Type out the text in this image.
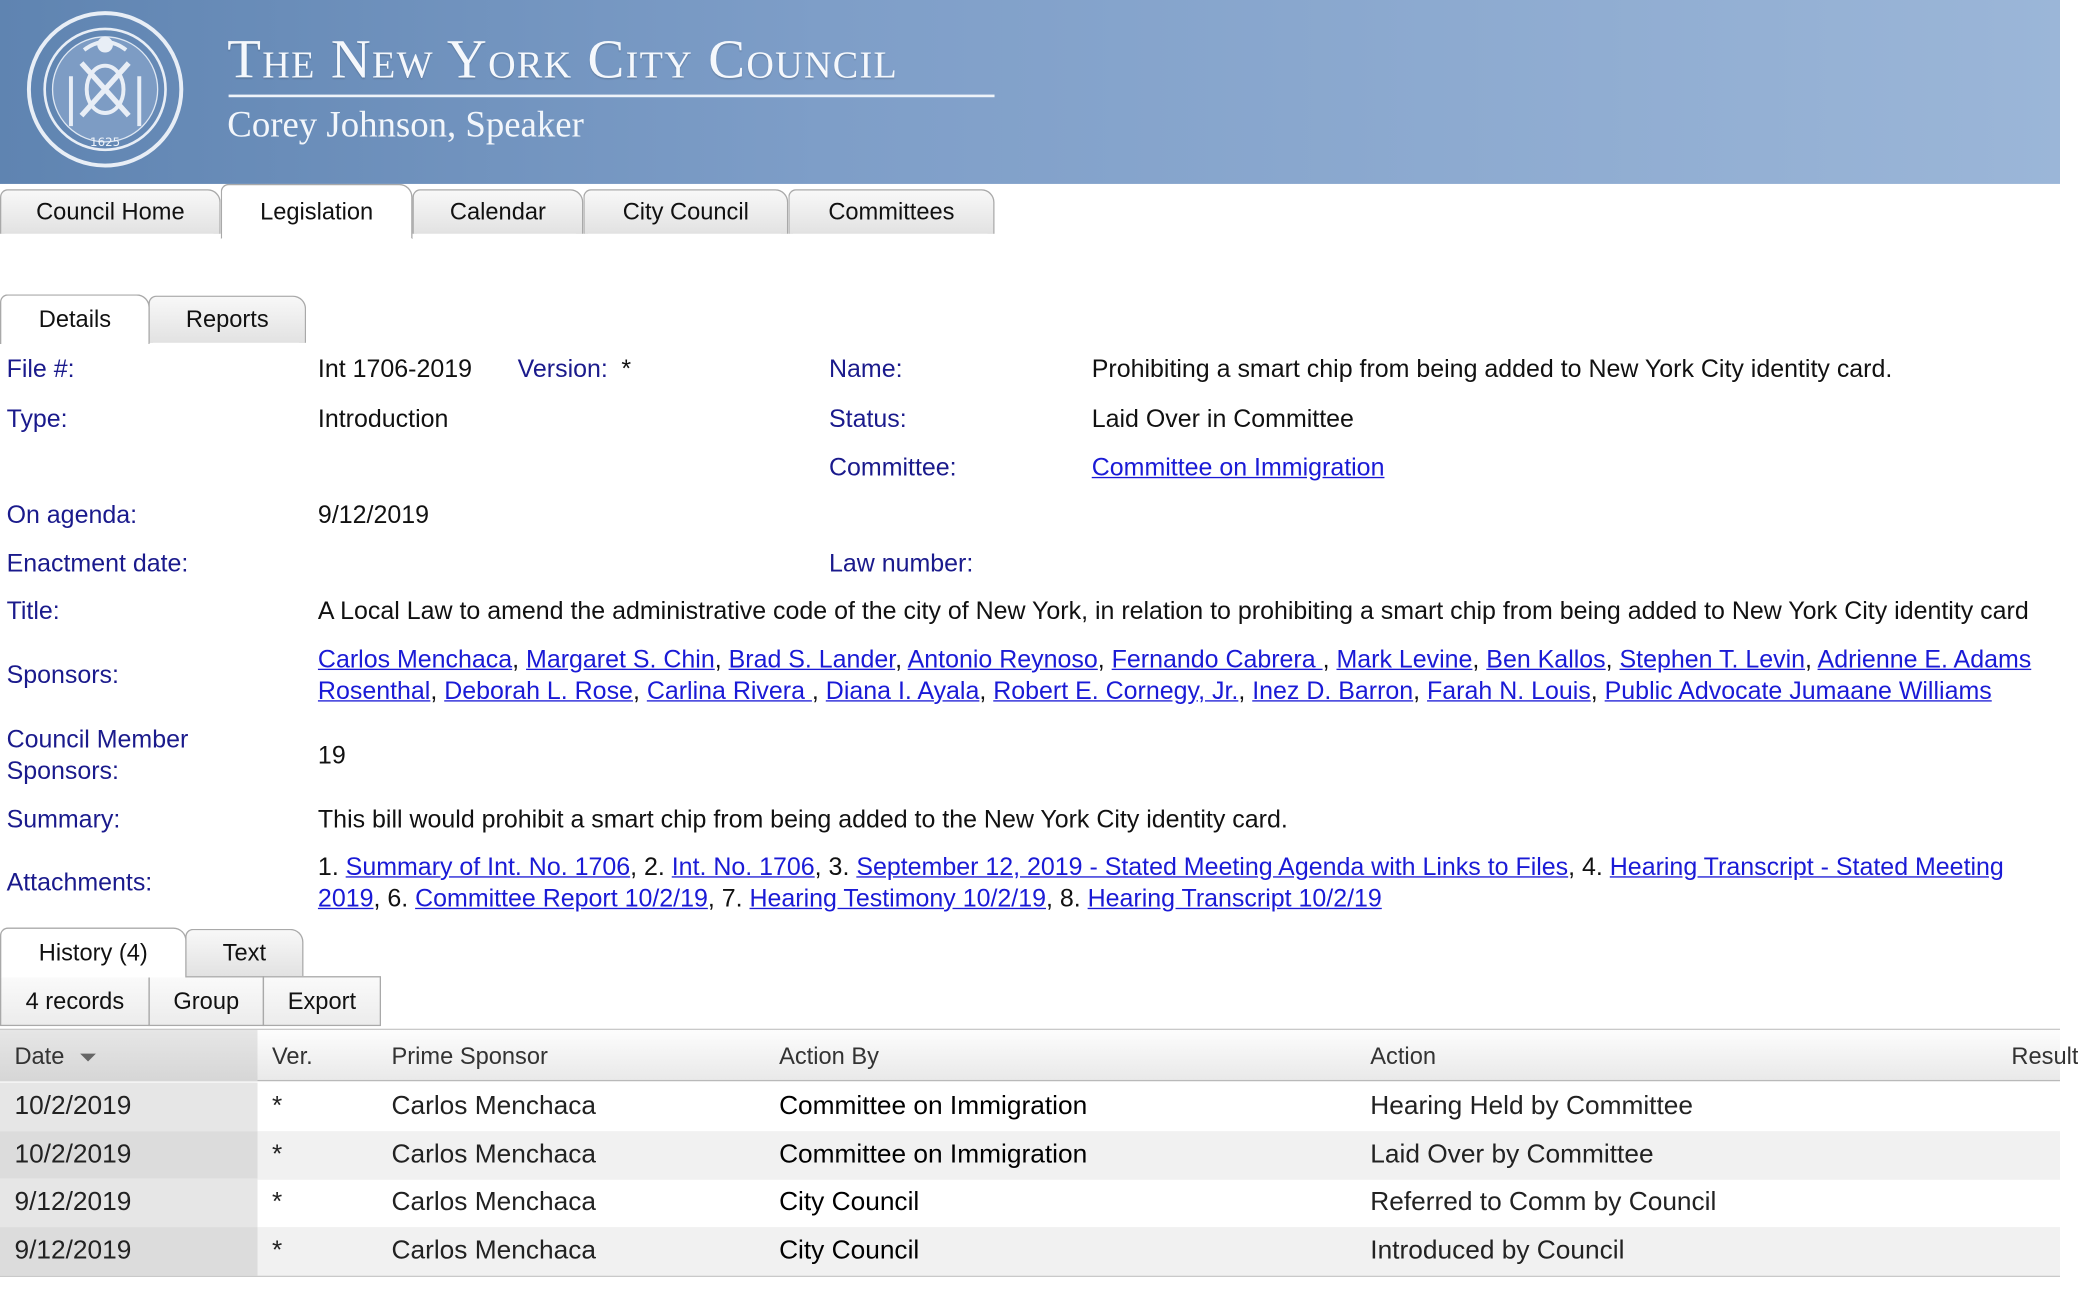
1625
The New York City Council
Corey Johnson, Speaker
Council Home	Legislation	Calendar	City Council	Committees
Details	Reports
File #:	Int 1706-2019 Version: *	Name:	Prohibiting a smart chip from being added to New York City identity card.
Type:	Introduction	Status:	Laid Over in Committee
Committee:	Committee on Immigration
On agenda:	9/12/2019
Enactment date:	Law number:
Title:	A Local Law to amend the administrative code of the city of New York, in relation to prohibiting a smart chip from being added to New York City identity card
Sponsors:
Carlos Menchaca, Margaret S. Chin, Brad S. Lander, Antonio Reynoso, Fernando Cabrera , Mark Levine, Ben Kallos, Stephen T. Levin, Adrienne E. Adams
Rosenthal, Deborah L. Rose, Carlina Rivera , Diana I. Ayala, Robert E. Cornegy, Jr., Inez D. Barron, Farah N. Louis, Public Advocate Jumaane Williams
Council Member
Sponsors:
19
Summary:	This bill would prohibit a smart chip from being added to the New York City identity card.
Attachments:
1. Summary of Int. No. 1706, 2. Int. No. 1706, 3. September 12, 2019 - Stated Meeting Agenda with Links to Files, 4. Hearing Transcript - Stated Meeting
2019, 6. Committee Report 10/2/19, 7. Hearing Testimony 10/2/19, 8. Hearing Transcript 10/2/19
History (4)	Text
4 records	Group	Export
Date	Ver.	Prime Sponsor	Action By	Action	Result
10/2/2019	*	Carlos Menchaca	Committee on Immigration	Hearing Held by Committee
10/2/2019	*	Carlos Menchaca	Committee on Immigration	Laid Over by Committee
9/12/2019	*	Carlos Menchaca	City Council	Referred to Comm by Council
9/12/2019	*	Carlos Menchaca	City Council	Introduced by Council
